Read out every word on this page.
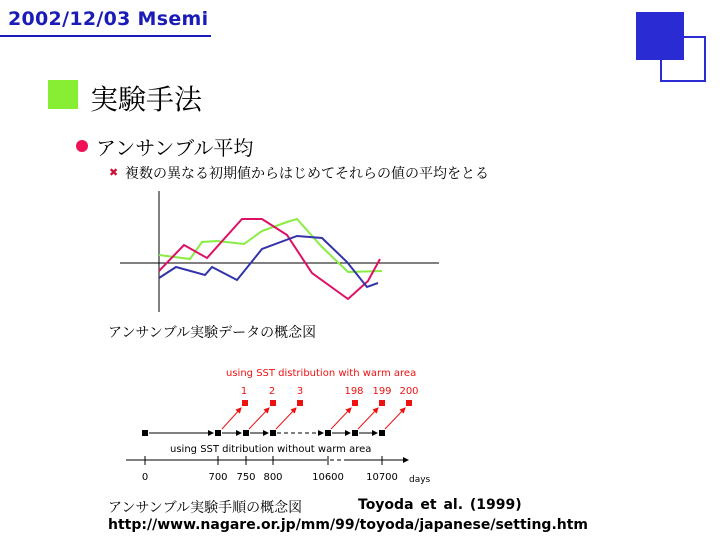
2002/12/03 Msemi
実験手法
アンサンブル平均
✖ 複数の異なる初期値からはじめてそれらの値の平均をとる
アンサンブル実験データの概念図
using SST distribution with warm area
1 2 3	198 199 200
using SST ditribution without warm area
0	700 750 800	10600 10700 days
アンサンブル実験手順の概念図	Toyoda et al. (1999)
http://www.nagare.or.jp/mm/99/toyoda/japanese/setting.htm
